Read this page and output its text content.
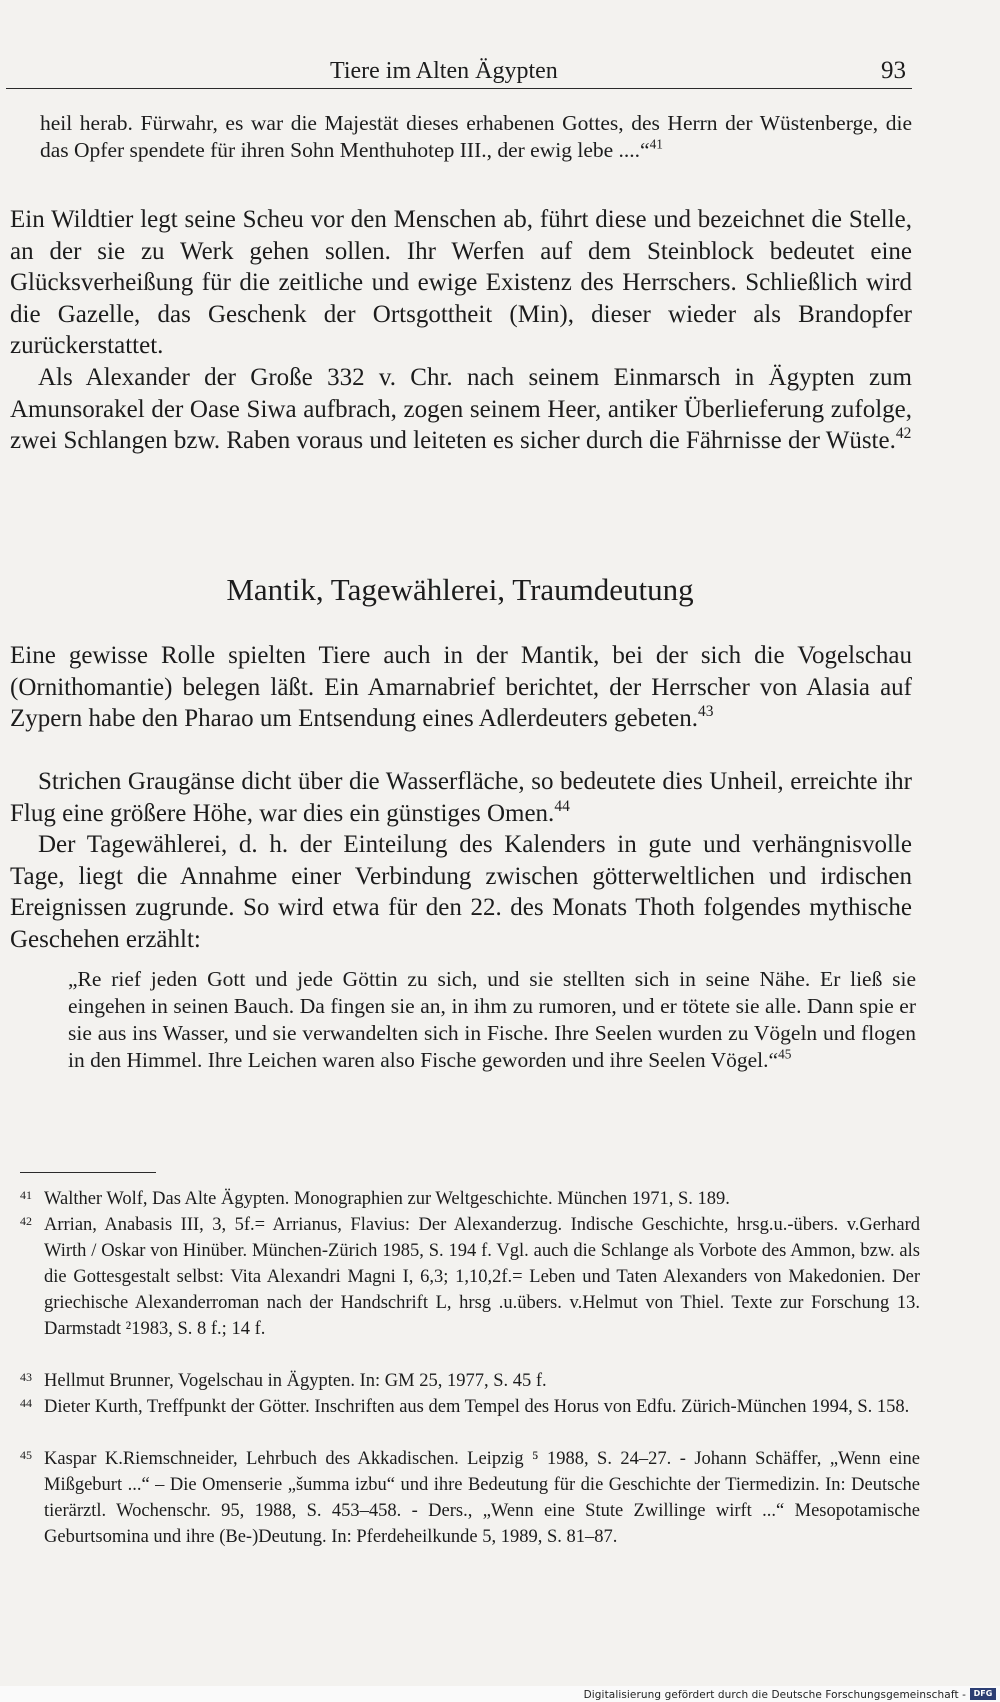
Tiere im Alten Ägypten	93

heil herab. Fürwahr, es war die Majestät dieses erhabenen Gottes, des Herrn der Wüstenberge, die das Opfer spendete für ihren Sohn Menthuhotep III., der ewig lebe ....“$^{41}$

Ein Wildtier legt seine Scheu vor den Menschen ab, führt diese und bezeichnet die Stelle, an der sie zu Werk gehen sollen. Ihr Werfen auf dem Steinblock bedeutet eine Glücksverheißung für die zeitliche und ewige Existenz des Herrschers. Schließlich wird die Gazelle, das Geschenk der Ortsgottheit (Min), dieser wieder als Brandopfer zurückerstattet.

Als Alexander der Große 332 v. Chr. nach seinem Einmarsch in Ägypten zum Amunsorakel der Oase Siwa aufbrach, zogen seinem Heer, antiker Überlieferung zufolge, zwei Schlangen bzw. Raben voraus und leiteten es sicher durch die Fährnisse der Wüste.$^{42}$

Mantik, Tagewählerei, Traumdeutung

Eine gewisse Rolle spielten Tiere auch in der Mantik, bei der sich die Vogelschau (Ornithomantie) belegen läßt. Ein Amarnabrief berichtet, der Herrscher von Alasia auf Zypern habe den Pharao um Entsendung eines Adlerdeuters gebeten.$^{43}$

Strichen Graugänse dicht über die Wasserfläche, so bedeutete dies Unheil, erreichte ihr Flug eine größere Höhe, war dies ein günstiges Omen.$^{44}$

Der Tagewählerei, d. h. der Einteilung des Kalenders in gute und verhängnisvolle Tage, liegt die Annahme einer Verbindung zwischen götterweltlichen und irdischen Ereignissen zugrunde. So wird etwa für den 22. des Monats Thoth folgendes mythische Geschehen erzählt:

„Re rief jeden Gott und jede Göttin zu sich, und sie stellten sich in seine Nähe. Er ließ sie eingehen in seinen Bauch. Da fingen sie an, in ihm zu rumoren, und er tötete sie alle. Dann spie er sie aus ins Wasser, und sie verwandelten sich in Fische. Ihre Seelen wurden zu Vögeln und flogen in den Himmel. Ihre Leichen waren also Fische geworden und ihre Seelen Vögel.“$^{45}$

41 Walther Wolf, Das Alte Ägypten. Monographien zur Weltgeschichte. München 1971, S. 189.

42 Arrian, Anabasis III, 3, 5f.= Arrianus, Flavius: Der Alexanderzug. Indische Geschichte, hrsg.u.-übers. v.Gerhard Wirth / Oskar von Hinüber. München-Zürich 1985, S. 194 f. Vgl. auch die Schlange als Vorbote des Ammon, bzw. als die Gottesgestalt selbst: Vita Alexandri Magni I, 6,3; 1,10,2f.= Leben und Taten Alexanders von Makedonien. Der griechische Alexanderroman nach der Handschrift L, hrsg .u.übers. v.Helmut von Thiel. Texte zur Forschung 13. Darmstadt ²1983, S. 8 f.; 14 f.

43 Hellmut Brunner, Vogelschau in Ägypten. In: GM 25, 1977, S. 45 f.

44 Dieter Kurth, Treffpunkt der Götter. Inschriften aus dem Tempel des Horus von Edfu. Zürich-München 1994, S. 158.

45 Kaspar K.Riemschneider, Lehrbuch des Akkadischen. Leipzig ⁵ 1988, S. 24–27. - Johann Schäffer, „Wenn eine Mißgeburt ...“ – Die Omenserie „šumma izbu“ und ihre Bedeutung für die Geschichte der Tiermedizin. In: Deutsche tierärztl. Wochenschr. 95, 1988, S. 453–458. - Ders., „Wenn eine Stute Zwillinge wirft ...“ Mesopotamische Geburtsomina und ihre (Be-)Deutung. In: Pferdeheilkunde 5, 1989, S. 81–87.

Digitalisierung gefördert durch die Deutsche Forschungsgemeinschaft - DFG
